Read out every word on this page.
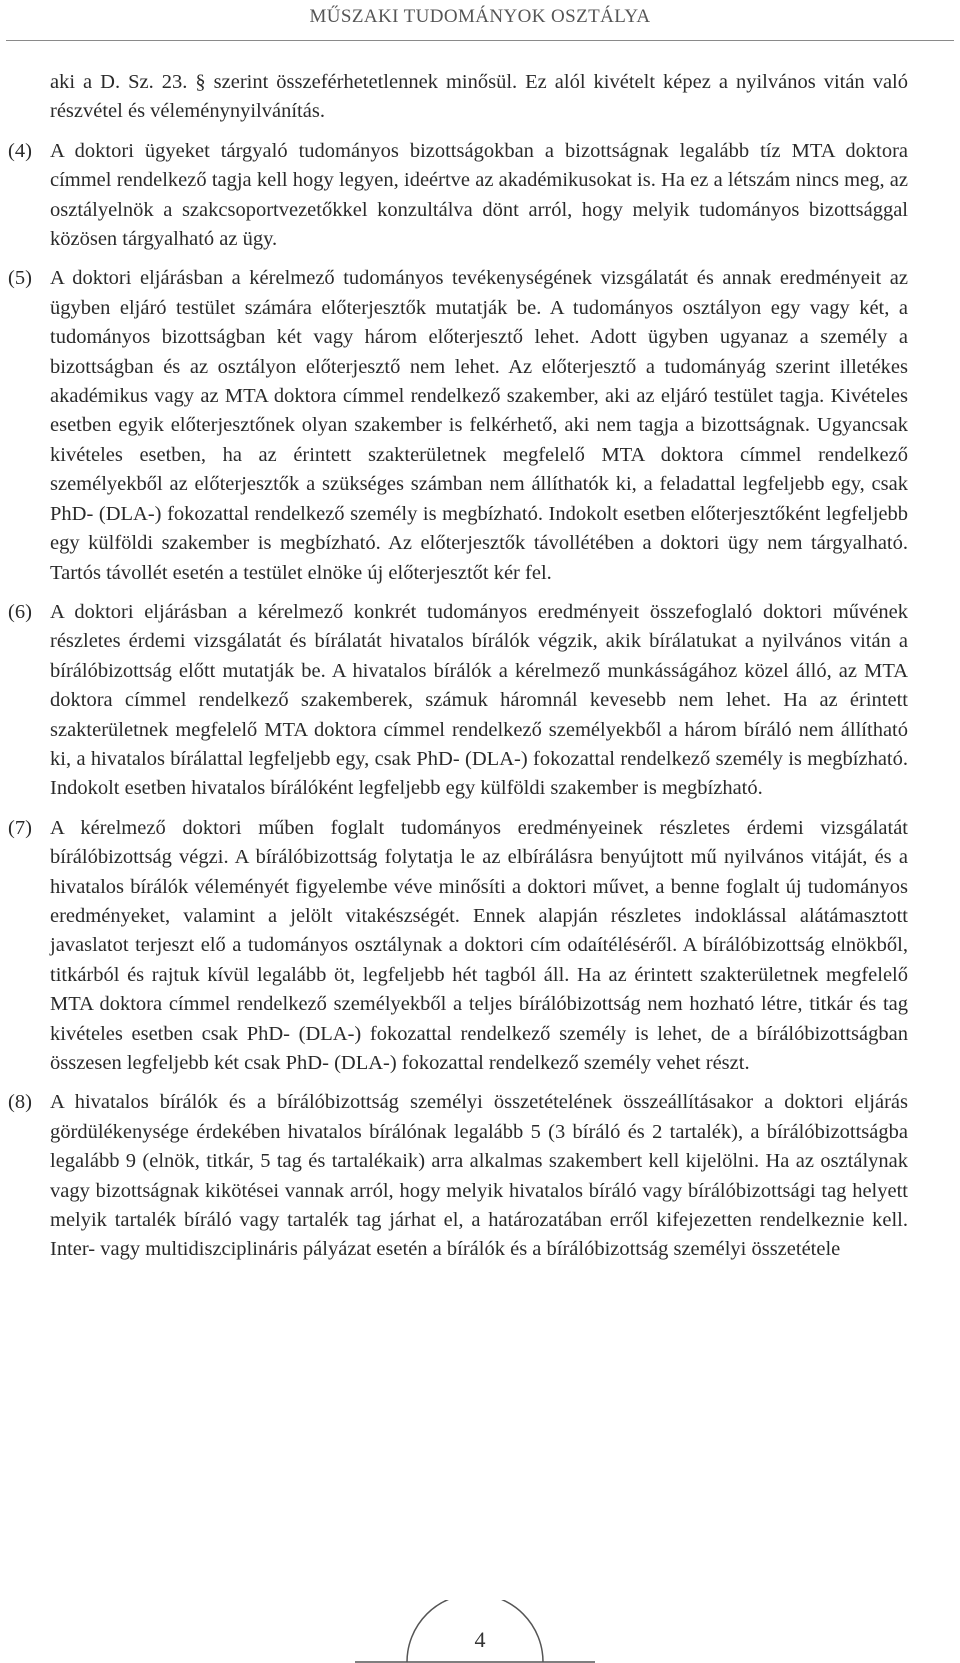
MŰSZAKI TUDOMÁNYOK OSZTÁLYA

aki a D. Sz. 23. § szerint összeférhetetlennek minősül. Ez alól kivételt képez a nyilvános vitán való részvétel és véleménynyilvánítás.

(4) A doktori ügyeket tárgyaló tudományos bizottságokban a bizottságnak legalább tíz MTA doktora címmel rendelkező tagja kell hogy legyen, ideértve az akadémikusokat is. Ha ez a létszám nincs meg, az osztályelnök a szakcsoportvezetőkkel konzultálva dönt arról, hogy melyik tudományos bizottsággal közösen tárgyalható az ügy.
(5) A doktori eljárásban a kérelmező tudományos tevékenységének vizsgálatát és annak eredményeit az ügyben eljáró testület számára előterjesztők mutatják be. A tudományos osztályon egy vagy két, a tudományos bizottságban két vagy három előterjesztő lehet. Adott ügyben ugyanaz a személy a bizottságban és az osztályon előterjesztő nem lehet. Az előterjesztő a tudományág szerint illetékes akadémikus vagy az MTA doktora címmel rendelkező szakember, aki az eljáró testület tagja. Kivételes esetben egyik előterjesztőnek olyan szakember is felkérhető, aki nem tagja a bizottságnak. Ugyancsak kivételes esetben, ha az érintett szakterületnek megfelelő MTA doktora címmel rendelkező személyekből az előterjesztők a szükséges számban nem állíthatók ki, a feladattal legfeljebb egy, csak PhD- (DLA-) fokozattal rendelkező személy is megbízható. Indokolt esetben előterjesztőként legfeljebb egy külföldi szakember is megbízható. Az előterjesztők távollétében a doktori ügy nem tárgyalható. Tartós távollét esetén a testület elnöke új előterjesztőt kér fel.
(6) A doktori eljárásban a kérelmező konkrét tudományos eredményeit összefoglaló doktori művének részletes érdemi vizsgálatát és bírálatát hivatalos bírálók végzik, akik bírálatukat a nyilvános vitán a bírálóbizottság előtt mutatják be. A hivatalos bírálók a kérelmező munkásságához közel álló, az MTA doktora címmel rendelkező szakemberek, számuk háromnál kevesebb nem lehet. Ha az érintett szakterületnek megfelelő MTA doktora címmel rendelkező személyekből a három bíráló nem állítható ki, a hivatalos bírálattal legfeljebb egy, csak PhD- (DLA-) fokozattal rendelkező személy is megbízható. Indokolt esetben hivatalos bírálóként legfeljebb egy külföldi szakember is megbízható.
(7) A kérelmező doktori műben foglalt tudományos eredményeinek részletes érdemi vizsgálatát bírálóbizottság végzi. A bírálóbizottság folytatja le az elbírálásra benyújtott mű nyilvános vitáját, és a hivatalos bírálók véleményét figyelembe véve minősíti a doktori művet, a benne foglalt új tudományos eredményeket, valamint a jelölt vitakészségét. Ennek alapján részletes indoklással alátámasztott javaslatot terjeszt elő a tudományos osztálynak a doktori cím odaítéléséről. A bírálóbizottság elnökből, titkárból és rajtuk kívül legalább öt, legfeljebb hét tagból áll. Ha az érintett szakterületnek megfelelő MTA doktora címmel rendelkező személyekből a teljes bírálóbizottság nem hozható létre, titkár és tag kivételes esetben csak PhD- (DLA-) fokozattal rendelkező személy is lehet, de a bírálóbizottságban összesen legfeljebb két csak PhD- (DLA-) fokozattal rendelkező személy vehet részt.
(8) A hivatalos bírálók és a bírálóbizottság személyi összetételének összeállításakor a doktori eljárás gördülékenysége érdekében hivatalos bírálónak legalább 5 (3 bíráló és 2 tartalék), a bírálóbizottságba legalább 9 (elnök, titkár, 5 tag és tartalékaik) arra alkalmas szakembert kell kijelölni. Ha az osztálynak vagy bizottságnak kikötései vannak arról, hogy melyik hivatalos bíráló vagy bírálóbizottsági tag helyett melyik tartalék bíráló vagy tartalék tag járhat el, a határozatában erről kifejezetten rendelkeznie kell. Inter- vagy multidiszciplináris pályázat esetén a bírálók és a bírálóbizottság személyi összetétele
4
